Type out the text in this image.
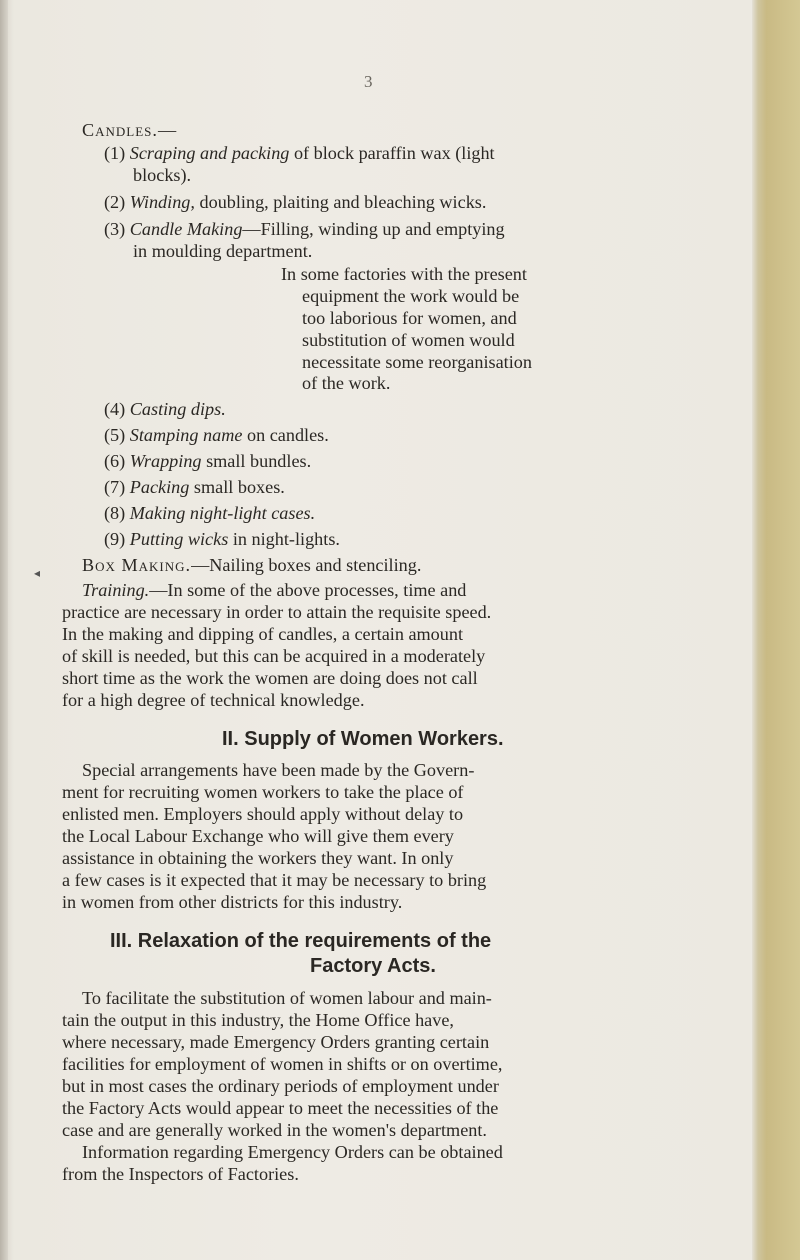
3
Candles.—
(1) Scraping and packing of block paraffin wax (light
blocks).
(2) Winding, doubling, plaiting and bleaching wicks.
(3) Candle Making—Filling, winding up and emptying
in moulding department.
In some factories with the present
equipment the work would be
too laborious for women, and
substitution of women would
necessitate some reorganisation
of the work.
(4) Casting dips.
(5) Stamping name on candles.
(6) Wrapping small bundles.
(7) Packing small boxes.
(8) Making night-light cases.
(9) Putting wicks in night-lights.
◂ Box Making.—Nailing boxes and stenciling.
Training.—In some of the above processes, time and
practice are necessary in order to attain the requisite speed.
In the making and dipping of candles, a certain amount
of skill is needed, but this can be acquired in a moderately
short time as the work the women are doing does not call
for a high degree of technical knowledge.
II. Supply of Women Workers.
Special arrangements have been made by the Govern-
ment for recruiting women workers to take the place of
enlisted men. Employers should apply without delay to
the Local Labour Exchange who will give them every
assistance in obtaining the workers they want. In only
a few cases is it expected that it may be necessary to bring
in women from other districts for this industry.
III. Relaxation of the requirements of the
Factory Acts.
To facilitate the substitution of women labour and main-
tain the output in this industry, the Home Office have,
where necessary, made Emergency Orders granting certain
facilities for employment of women in shifts or on overtime,
but in most cases the ordinary periods of employment under
the Factory Acts would appear to meet the necessities of the
case and are generally worked in the women's department.
Information regarding Emergency Orders can be obtained
from the Inspectors of Factories.
